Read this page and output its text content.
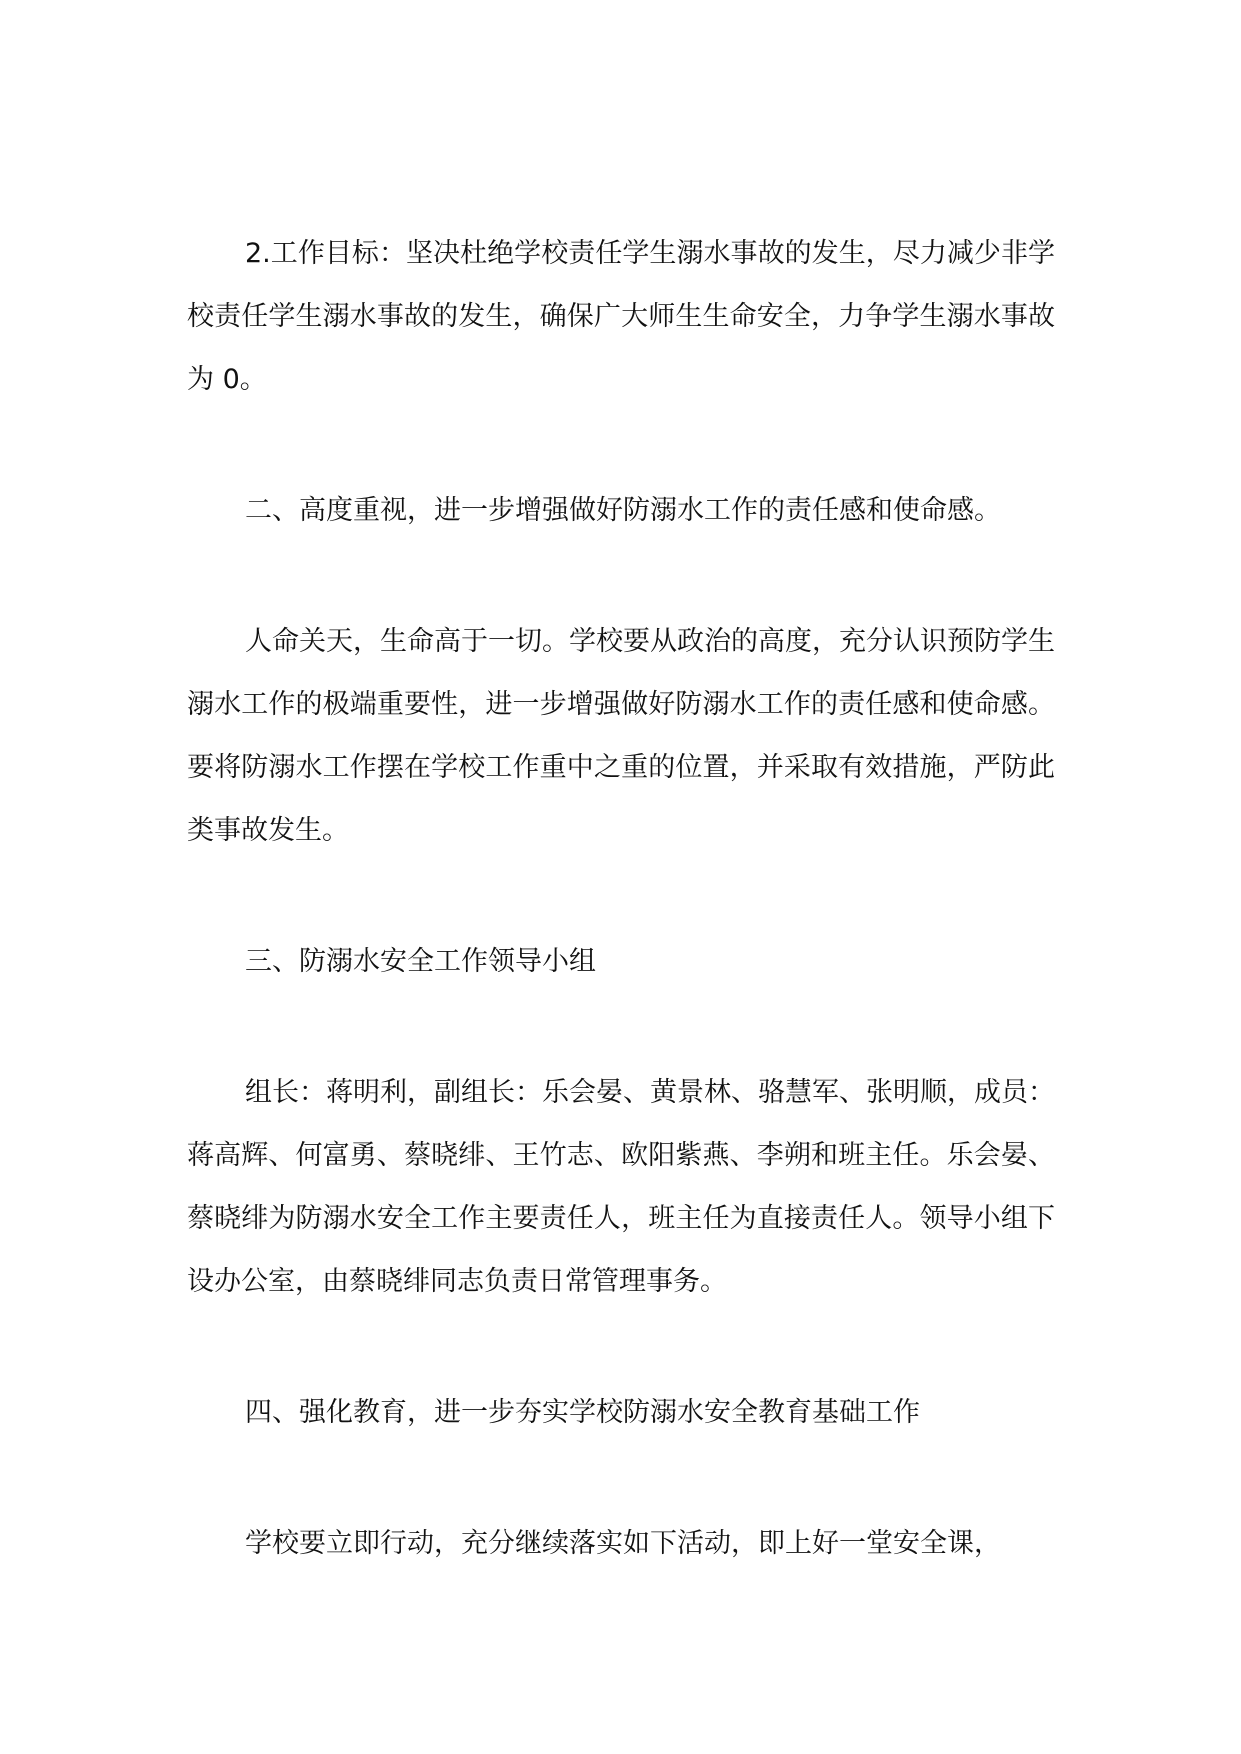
2.工作目标：坚决杜绝学校责任学生溺水事故的发生，尽力减少非学校责任学生溺水事故的发生，确保广大师生生命安全，力争学生溺水事故为 0。

二、高度重视，进一步增强做好防溺水工作的责任感和使命感。

人命关天，生命高于一切。学校要从政治的高度，充分认识预防学生溺水工作的极端重要性，进一步增强做好防溺水工作的责任感和使命感。要将防溺水工作摆在学校工作重中之重的位置，并采取有效措施，严防此类事故发生。

三、防溺水安全工作领导小组

组长：蒋明利，副组长：乐会晏、黄景林、骆慧军、张明顺，成员：蒋高辉、何富勇、蔡晓绯、王竹志、欧阳紫燕、李朔和班主任。乐会晏、蔡晓绯为防溺水安全工作主要责任人，班主任为直接责任人。领导小组下设办公室，由蔡晓绯同志负责日常管理事务。

四、强化教育，进一步夯实学校防溺水安全教育基础工作

学校要立即行动，充分继续落实如下活动，即上好一堂安全课，
